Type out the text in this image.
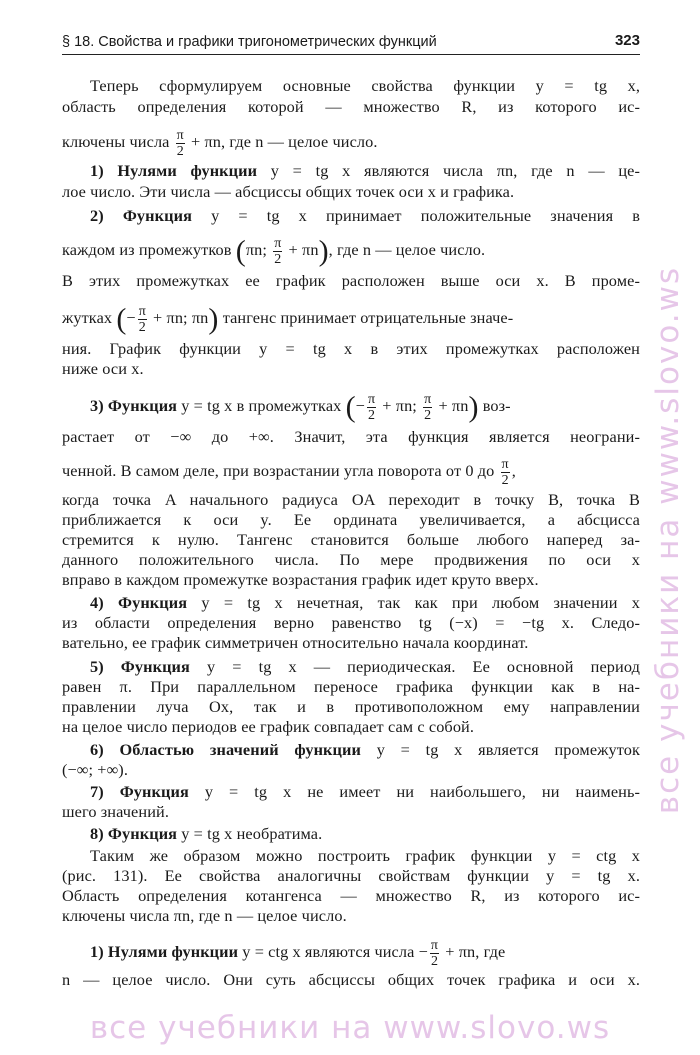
§ 18. Свойства и графики тригонометрических функций	323
Теперь сформулируем основные свойства функции y = tg x,
область определения которой — множество R, из которого ис-
ключены числа $\frac{\pi}{2} + \pi n$, где n — целое число.
1) Нулями функции y = tg x являются числа πn, где n — це-
лое число. Эти числа — абсциссы общих точек оси x и графика.
2) Функция y = tg x принимает положительные значения в
каждом из промежутков (πn; $\frac{\pi}{2} + \pi n$), где n — целое число.
В этих промежутках ее график расположен выше оси x. В проме-
жутках (− $\frac{\pi}{2} + \pi n$; πn) тангенс принимает отрицательные значе-
ния. График функции y = tg x в этих промежутках расположен
ниже оси x.
3) Функция y = tg x в промежутках (− $\frac{\pi}{2} + \pi n$; $\frac{\pi}{2} + \pi n$) воз-
растает от −∞ до +∞. Значит, эта функция является неограни-
ченной. В самом деле, при возрастании угла поворота от 0 до $\frac{\pi}{2}$ ,
когда точка A начального радиуса OA переходит в точку B, точка B
приближается к оси y. Ее ордината увеличивается, а абсцисса
стремится к нулю. Тангенс становится больше любого наперед за-
данного положительного числа. По мере продвижения по оси x
вправо в каждом промежутке возрастания график идет круто вверх.
4) Функция y = tg x нечетная, так как при любом значении x
из области определения верно равенство tg (−x) = −tg x. Следо-
вательно, ее график симметричен относительно начала координат.
5) Функция y = tg x — периодическая. Ее основной период
равен π. При параллельном переносе графика функции как в на-
правлении луча Ox, так и в противоположном ему направлении
на целое число периодов ее график совпадает сам с собой.
6) Областью значений функции y = tg x является промежуток
(−∞; +∞).
7) Функция y = tg x не имеет ни наибольшего, ни наимень-
шего значений.
8) Функция y = tg x необратима.
Таким же образом можно построить график функции y = ctg x
(рис. 131). Ее свойства аналогичны свойствам функции y = tg x.
Область определения котангенса — множество R, из которого ис-
ключены числа πn, где n — целое число.
1) Нулями функции y = ctg x являются числа − $\frac{\pi}{2} + \pi n$, где
n — целое число. Они суть абсциссы общих точек графика и оси x.
все учебники на www.slovo.ws
все учебники на www.slovo.ws
